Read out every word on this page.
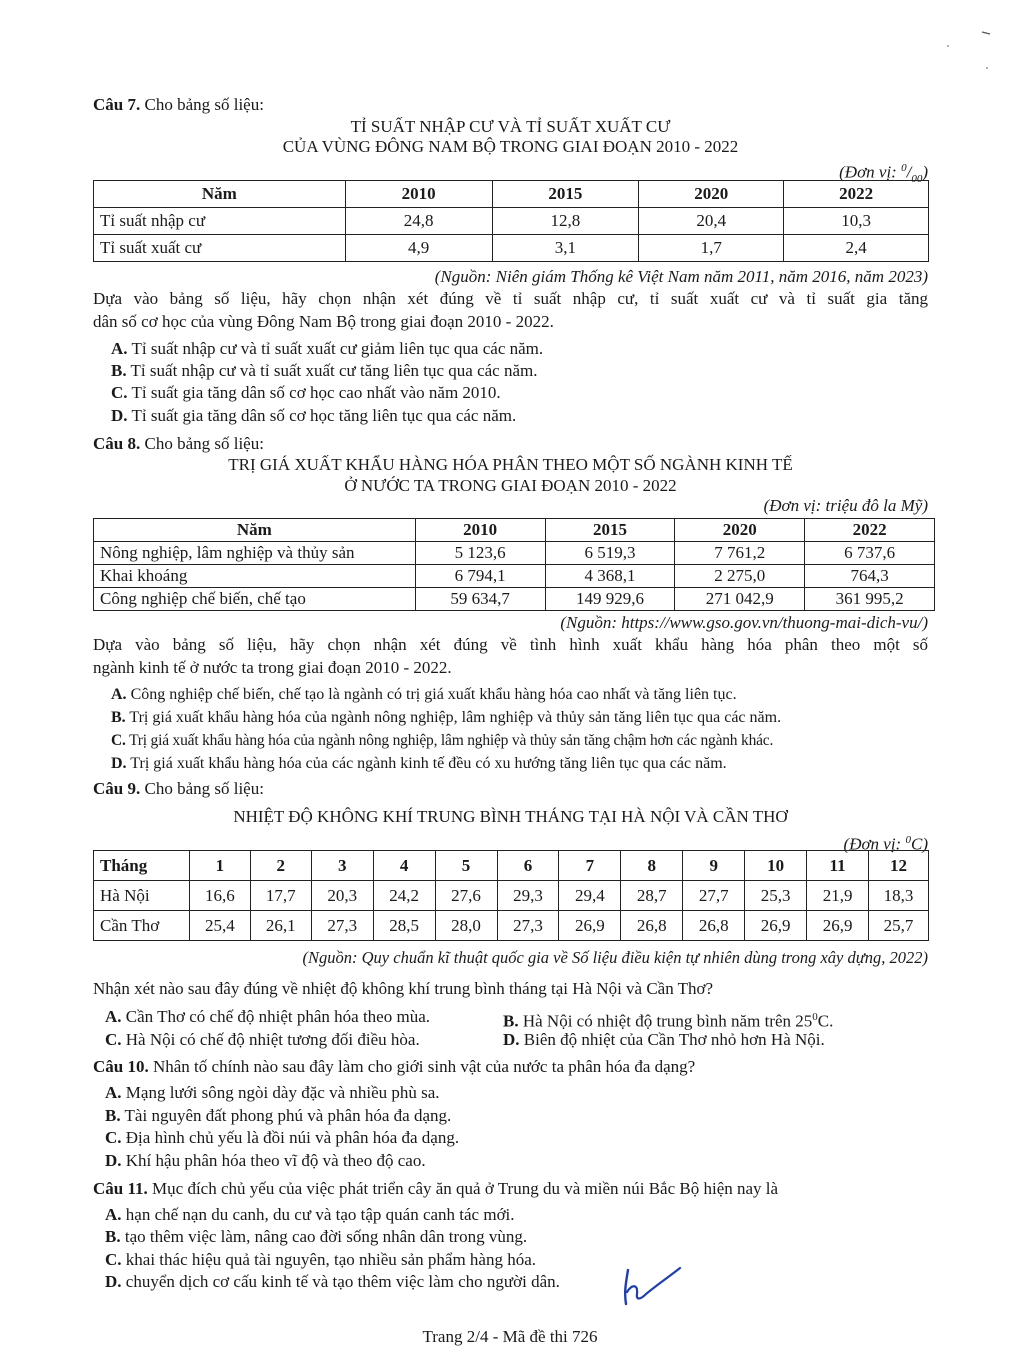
Câu 7. Cho bảng số liệu:
TỈ SUẤT NHẬP CƯ VÀ TỈ SUẤT XUẤT CƯ
CỦA VÙNG ĐÔNG NAM BỘ TRONG GIAI ĐOẠN 2010 - 2022
(Đơn vị: $^0/_{00}$)
Năm	2010	2015	2020	2022
Tỉ suất nhập cư	24,8	12,8	20,4	10,3
Tỉ suất xuất cư	4,9	3,1	1,7	2,4
(Nguồn: Niên giám Thống kê Việt Nam năm 2011, năm 2016, năm 2023)
Dựa vào bảng số liệu, hãy chọn nhận xét đúng về tỉ suất nhập cư, tỉ suất xuất cư và tỉ suất gia tăng
dân số cơ học của vùng Đông Nam Bộ trong giai đoạn 2010 - 2022.
A. Tỉ suất nhập cư và tỉ suất xuất cư giảm liên tục qua các năm.
B. Tỉ suất nhập cư và tỉ suất xuất cư tăng liên tục qua các năm.
C. Tỉ suất gia tăng dân số cơ học cao nhất vào năm 2010.
D. Tỉ suất gia tăng dân số cơ học tăng liên tục qua các năm.
Câu 8. Cho bảng số liệu:
TRỊ GIÁ XUẤT KHẨU HÀNG HÓA PHÂN THEO MỘT SỐ NGÀNH KINH TẾ
Ở NƯỚC TA TRONG GIAI ĐOẠN 2010 - 2022
(Đơn vị: triệu đô la Mỹ)
Năm	2010	2015	2020	2022
Nông nghiệp, lâm nghiệp và thủy sản	5 123,6	6 519,3	7 761,2	6 737,6
Khai khoáng	6 794,1	4 368,1	2 275,0	764,3
Công nghiệp chế biến, chế tạo	59 634,7	149 929,6	271 042,9	361 995,2
(Nguồn: https://www.gso.gov.vn/thuong-mai-dich-vu/)
Dựa vào bảng số liệu, hãy chọn nhận xét đúng về tình hình xuất khẩu hàng hóa phân theo một số
ngành kinh tế ở nước ta trong giai đoạn 2010 - 2022.
A. Công nghiệp chế biến, chế tạo là ngành có trị giá xuất khẩu hàng hóa cao nhất và tăng liên tục.
B. Trị giá xuất khẩu hàng hóa của ngành nông nghiệp, lâm nghiệp và thủy sản tăng liên tục qua các năm.
C. Trị giá xuất khẩu hàng hóa của ngành nông nghiệp, lâm nghiệp và thủy sản tăng chậm hơn các ngành khác.
D. Trị giá xuất khẩu hàng hóa của các ngành kinh tế đều có xu hướng tăng liên tục qua các năm.
Câu 9. Cho bảng số liệu:
NHIỆT ĐỘ KHÔNG KHÍ TRUNG BÌNH THÁNG TẠI HÀ NỘI VÀ CẦN THƠ
(Đơn vị: $^0$C)
Tháng	1	2	3	4	5	6	7	8	9	10	11	12
Hà Nội	16,6	17,7	20,3	24,2	27,6	29,3	29,4	28,7	27,7	25,3	21,9	18,3
Cần Thơ	25,4	26,1	27,3	28,5	28,0	27,3	26,9	26,8	26,8	26,9	26,9	25,7
(Nguồn: Quy chuẩn kĩ thuật quốc gia về Số liệu điều kiện tự nhiên dùng trong xây dựng, 2022)
Nhận xét nào sau đây đúng về nhiệt độ không khí trung bình tháng tại Hà Nội và Cần Thơ?
A. Cần Thơ có chế độ nhiệt phân hóa theo mùa.	B. Hà Nội có nhiệt độ trung bình năm trên $25^0C$.
C. Hà Nội có chế độ nhiệt tương đối điều hòa.	D. Biên độ nhiệt của Cần Thơ nhỏ hơn Hà Nội.
Câu 10. Nhân tố chính nào sau đây làm cho giới sinh vật của nước ta phân hóa đa dạng?
A. Mạng lưới sông ngòi dày đặc và nhiều phù sa.
B. Tài nguyên đất phong phú và phân hóa đa dạng.
C. Địa hình chủ yếu là đồi núi và phân hóa đa dạng.
D. Khí hậu phân hóa theo vĩ độ và theo độ cao.
Câu 11. Mục đích chủ yếu của việc phát triển cây ăn quả ở Trung du và miền núi Bắc Bộ hiện nay là
A. hạn chế nạn du canh, du cư và tạo tập quán canh tác mới.
B. tạo thêm việc làm, nâng cao đời sống nhân dân trong vùng.
C. khai thác hiệu quả tài nguyên, tạo nhiều sản phẩm hàng hóa.
D. chuyển dịch cơ cấu kinh tế và tạo thêm việc làm cho người dân.
Trang 2/4 - Mã đề thi 726
